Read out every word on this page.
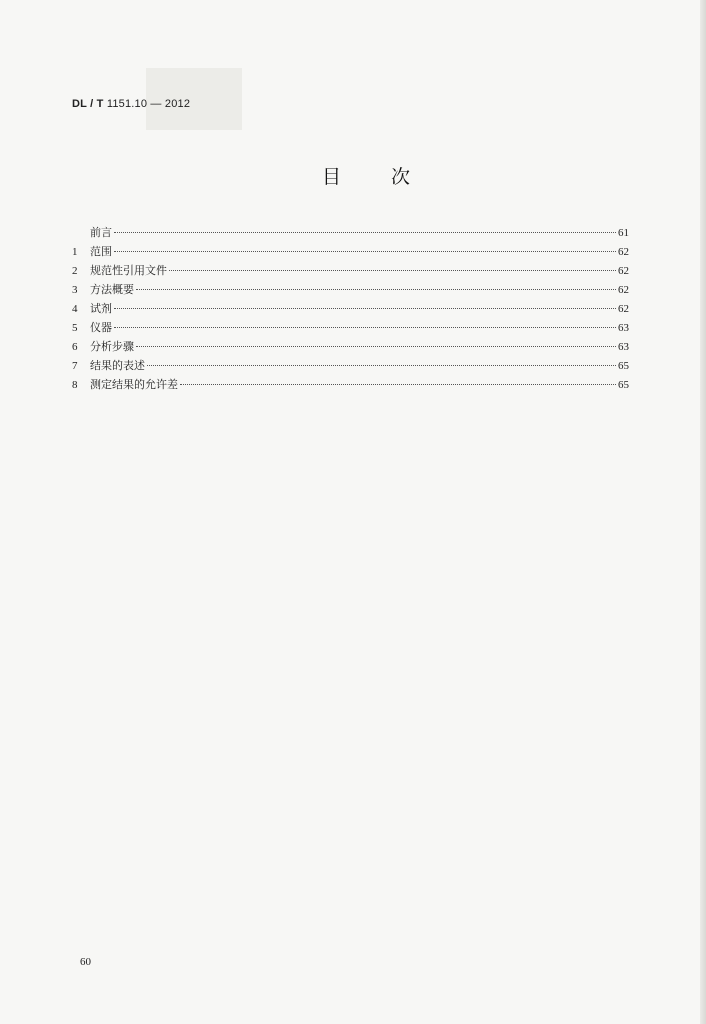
DL / T 1151.10 — 2012
目 次
前言	61
1	范围	62
2	规范性引用文件	62
3	方法概要	62
4	试剂	62
5	仪器	63
6	分析步骤	63
7	结果的表述	65
8	测定结果的允许差	65
60
